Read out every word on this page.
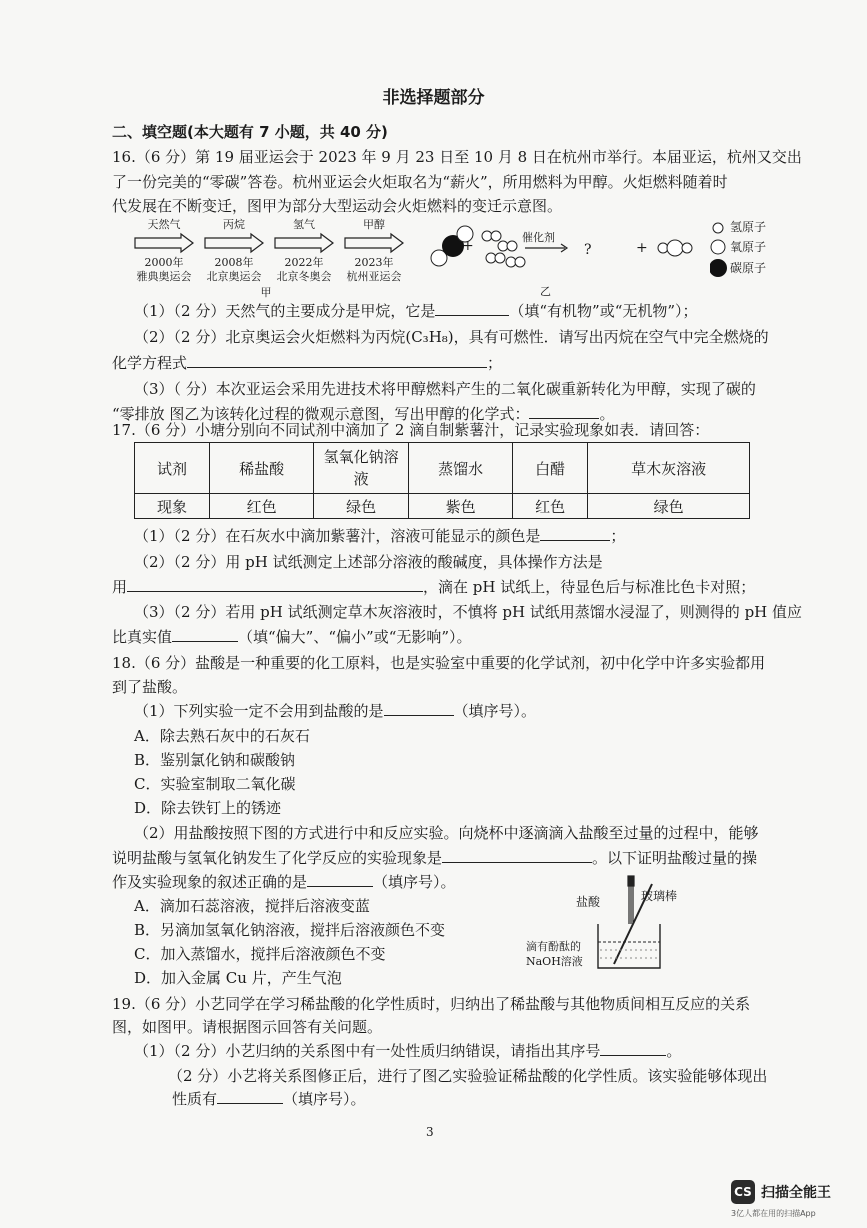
非选择题部分
二、填空题(本大题有 7 小题，共 40 分)
16.（6 分）第 19 届亚运会于 2023 年 9 月 23 日至 10 月 8 日在杭州市举行。本届亚运，杭州又交出
了一份完美的“零碳”答卷。杭州亚运会火炬取名为“薪火”，所用燃料为甲醇。火炬燃料随着时
代发展在不断变迁，图甲为部分大型运动会火炬燃料的变迁示意图。
天然气	丙烷	氢气	甲醇
2000年	2008年	2022年	2023年
雅典奥运会	北京奥运会	北京冬奥会	杭州亚运会
甲
+
催化剂
?	+
乙
氢原子
氧原子
碳原子
（1）（2 分）天然气的主要成分是甲烷，它是	（填“有机物”或“无机物”）；
（2）（2 分）北京奥运会火炬燃料为丙烷(C₃H₈)，具有可燃性．请写出丙烷在空气中完全燃烧的
化学方程式	；
（3）（ 分）本次亚运会采用先进技术将甲醇燃料产生的二氧化碳重新转化为甲醇，实现了碳的
“零排放 图乙为该转化过程的微观示意图，写出甲醇的化学式：	。
17.（6 分）小塘分别向不同试剂中滴加了 2 滴自制紫薯汁，记录实验现象如表．请回答：
试剂	稀盐酸	氢氧化钠溶液	蒸馏水	白醋	草木灰溶液
现象	红色	绿色	紫色	红色	绿色
（1）（2 分）在石灰水中滴加紫薯汁，溶液可能显示的颜色是	；
（2）（2 分）用 pH 试纸测定上述部分溶液的酸碱度，具体操作方法是
用	，滴在 pH 试纸上，待显色后与标准比色卡对照；
（3）（2 分）若用 pH 试纸测定草木灰溶液时，不慎将 pH 试纸用蒸馏水浸湿了，则测得的 pH 值应
比真实值	（填“偏大”、“偏小”或“无影响”）。
18.（6 分）盐酸是一种重要的化工原料，也是实验室中重要的化学试剂，初中化学中许多实验都用
到了盐酸。
（1）下列实验一定不会用到盐酸的是	（填序号）。
A．除去熟石灰中的石灰石
B．鉴别氯化钠和碳酸钠
C．实验室制取二氧化碳
D．除去铁钉上的锈迹
（2）用盐酸按照下图的方式进行中和反应实验。向烧杯中逐滴滴入盐酸至过量的过程中，能够
说明盐酸与氢氧化钠发生了化学反应的实验现象是	。以下证明盐酸过量的操
作及实验现象的叙述正确的是	（填序号）。
A．滴加石蕊溶液，搅拌后溶液变蓝
B．另滴加氢氧化钠溶液，搅拌后溶液颜色不变
C．加入蒸馏水，搅拌后溶液颜色不变
D．加入金属 Cu 片，产生气泡
盐酸	玻璃棒
滴有酚酞的
NaOH溶液
19.（6 分）小艺同学在学习稀盐酸的化学性质时，归纳出了稀盐酸与其他物质间相互反应的关系
图，如图甲。请根据图示回答有关问题。
（1）（2 分）小艺归纳的关系图中有一处性质归纳错误，请指出其序号	。
（2 分）小艺将关系图修正后，进行了图乙实验验证稀盐酸的化学性质。该实验能够体现出
性质有	（填序号）。
3
CS 扫描全能王
3亿人都在用的扫描App
